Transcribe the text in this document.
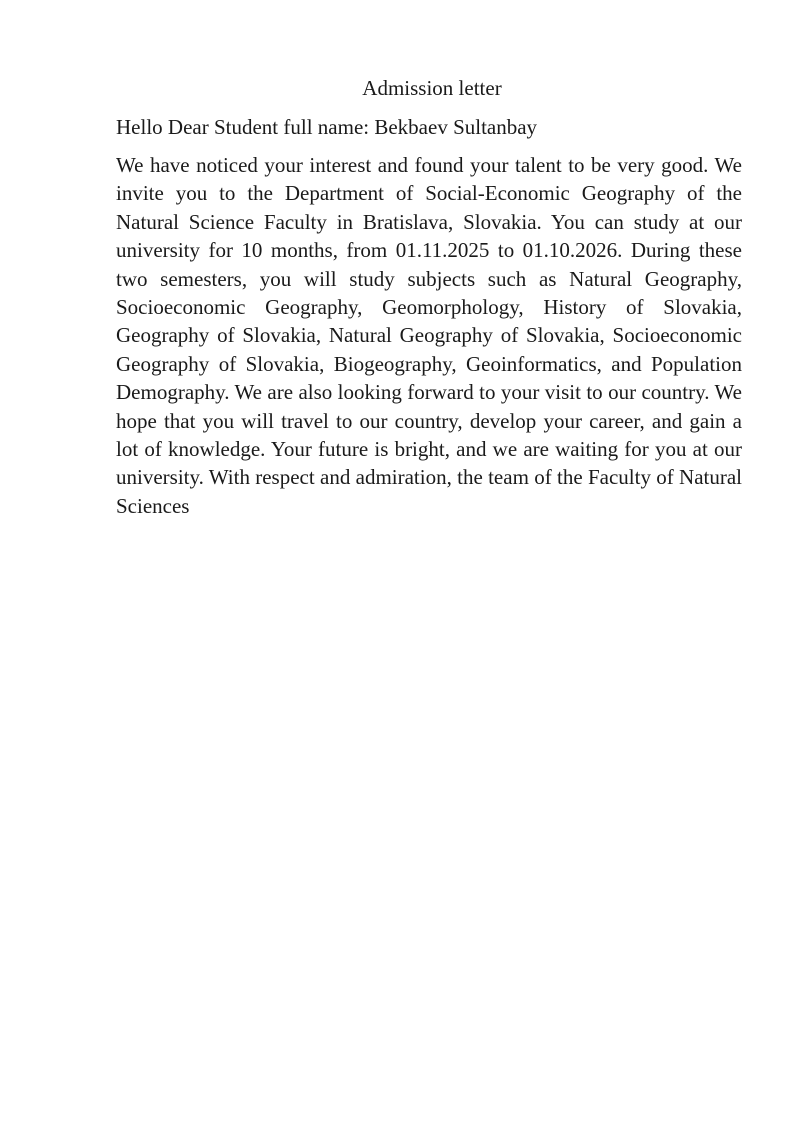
Admission letter

Hello Dear Student full name: Bekbaev Sultanbay

We have noticed your interest and found your talent to be very good. We invite you to the Department of Social-Economic Geography of the Natural Science Faculty in Bratislava, Slovakia. You can study at our university for 10 months, from 01.11.2025 to 01.10.2026. During these two semesters, you will study subjects such as Natural Geography, Socioeconomic Geography, Geomorphology, History of Slovakia, Geography of Slovakia, Natural Geography of Slovakia, Socioeconomic Geography of Slovakia, Biogeography, Geoinformatics, and Population Demography. We are also looking forward to your visit to our country. We hope that you will travel to our country, develop your career, and gain a lot of knowledge. Your future is bright, and we are waiting for you at our university. With respect and admiration, the team of the Faculty of Natural Sciences
